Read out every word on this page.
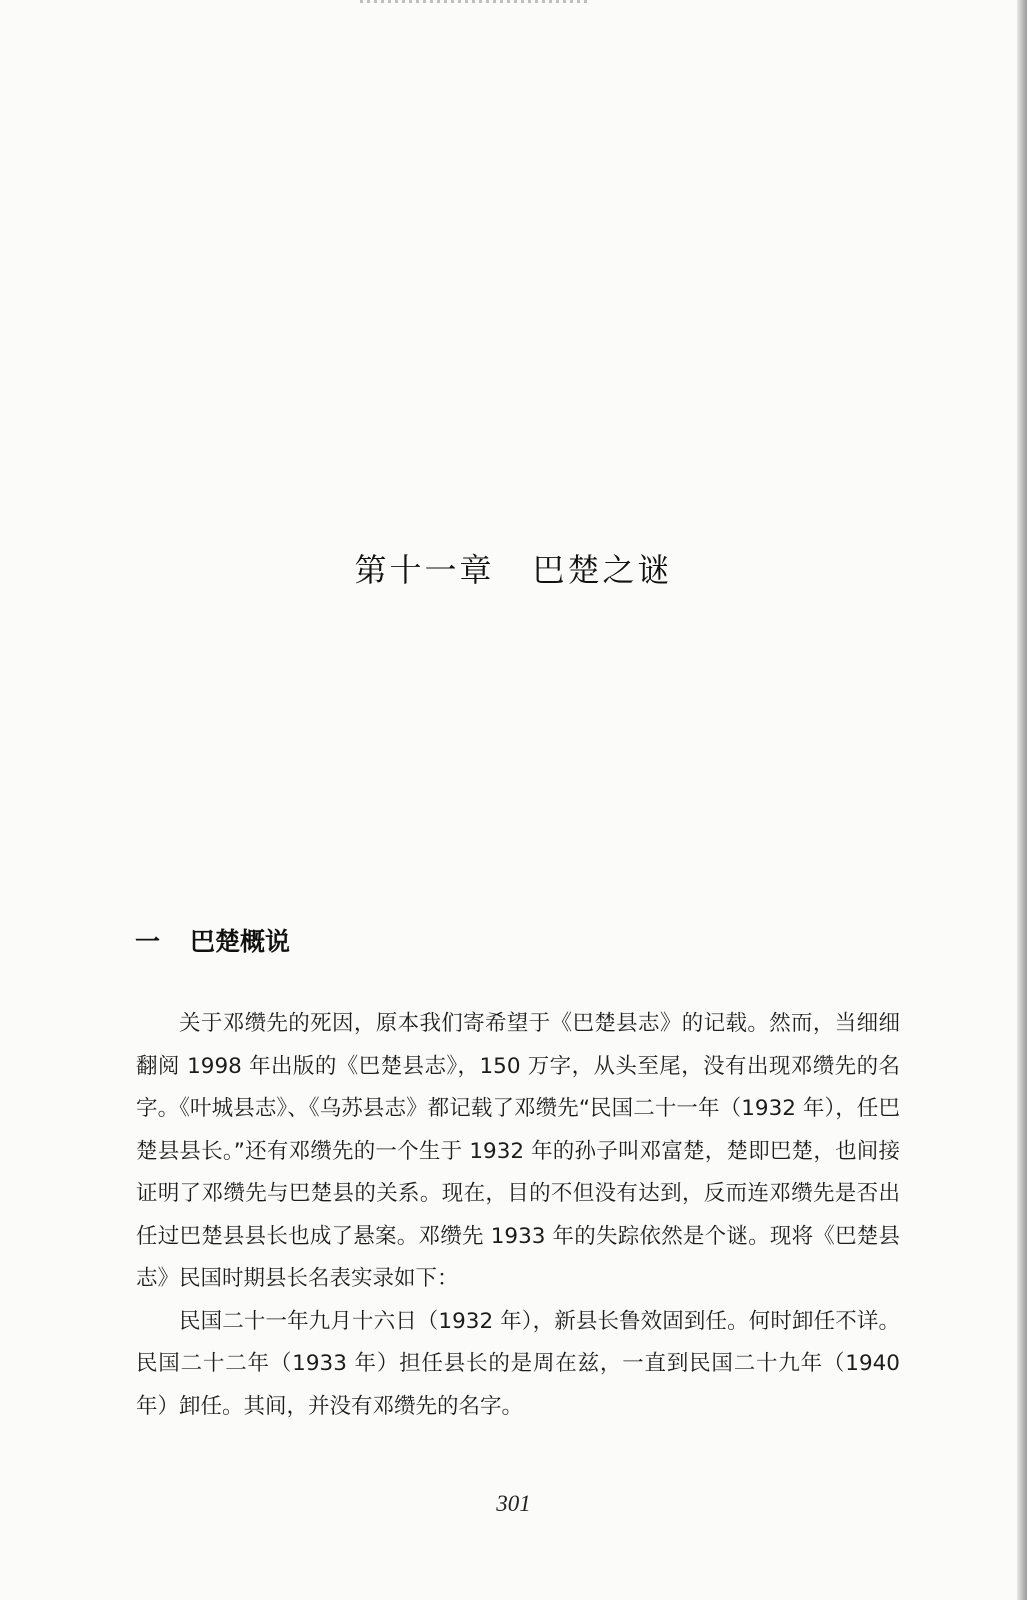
第十一章 巴楚之谜
一 巴楚概说

关于邓缵先的死因，原本我们寄希望于《巴楚县志》的记载。然而，当细细翻阅 1998 年出版的《巴楚县志》，150 万字，从头至尾，没有出现邓缵先的名字。《叶城县志》、《乌苏县志》都记载了邓缵先“民国二十一年（1932 年），任巴楚县县长。”还有邓缵先的一个生于 1932 年的孙子叫邓富楚，楚即巴楚，也间接证明了邓缵先与巴楚县的关系。现在，目的不但没有达到，反而连邓缵先是否出任过巴楚县县长也成了悬案。邓缵先 1933 年的失踪依然是个谜。现将《巴楚县志》民国时期县长名表实录如下：

民国二十一年九月十六日（1932 年），新县长鲁效固到任。何时卸任不详。民国二十二年（1933 年）担任县长的是周在兹，一直到民国二十九年（1940 年）卸任。其间，并没有邓缵先的名字。

301
